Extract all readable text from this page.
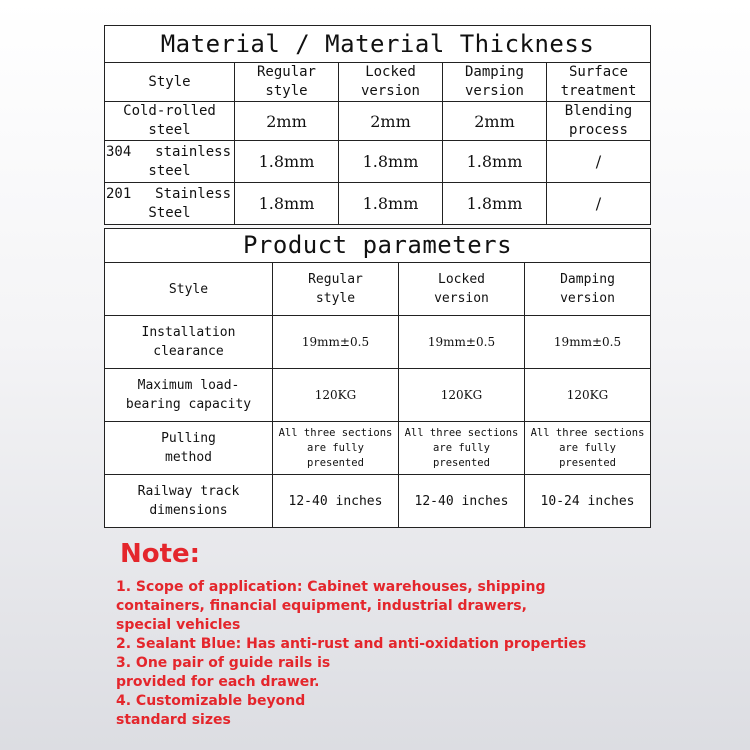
Material / Material Thickness				
Style	Regular style	Locked version	Damping version	Surface treatment

Cold-rolled steel	2mm	2mm	2mm	Blending process

304 stainless
steel	1.8mm	1.8mm	1.8mm	/

201 Stainless
Steel	1.8mm	1.8mm	1.8mm	/
Product parameters			
Style	Regular style	Locked version	Damping version

Installation clearance	19mm±0.5	19mm±0.5	19mm±0.5

Maximum load-bearing capacity	120KG	120KG	120KG

Pulling method	All three sections are fully presented	All three sections are fully presented	All three sections are fully presented

Railway track dimensions	12-40 inches	12-40 inches	10-24 inches
Note:
1. Scope of application: Cabinet warehouses, shipping
containers, financial equipment, industrial drawers,
special vehicles
2. Sealant Blue: Has anti-rust and anti-oxidation properties
3. One pair of guide rails is
provided for each drawer.
4. Customizable beyond
standard sizes
